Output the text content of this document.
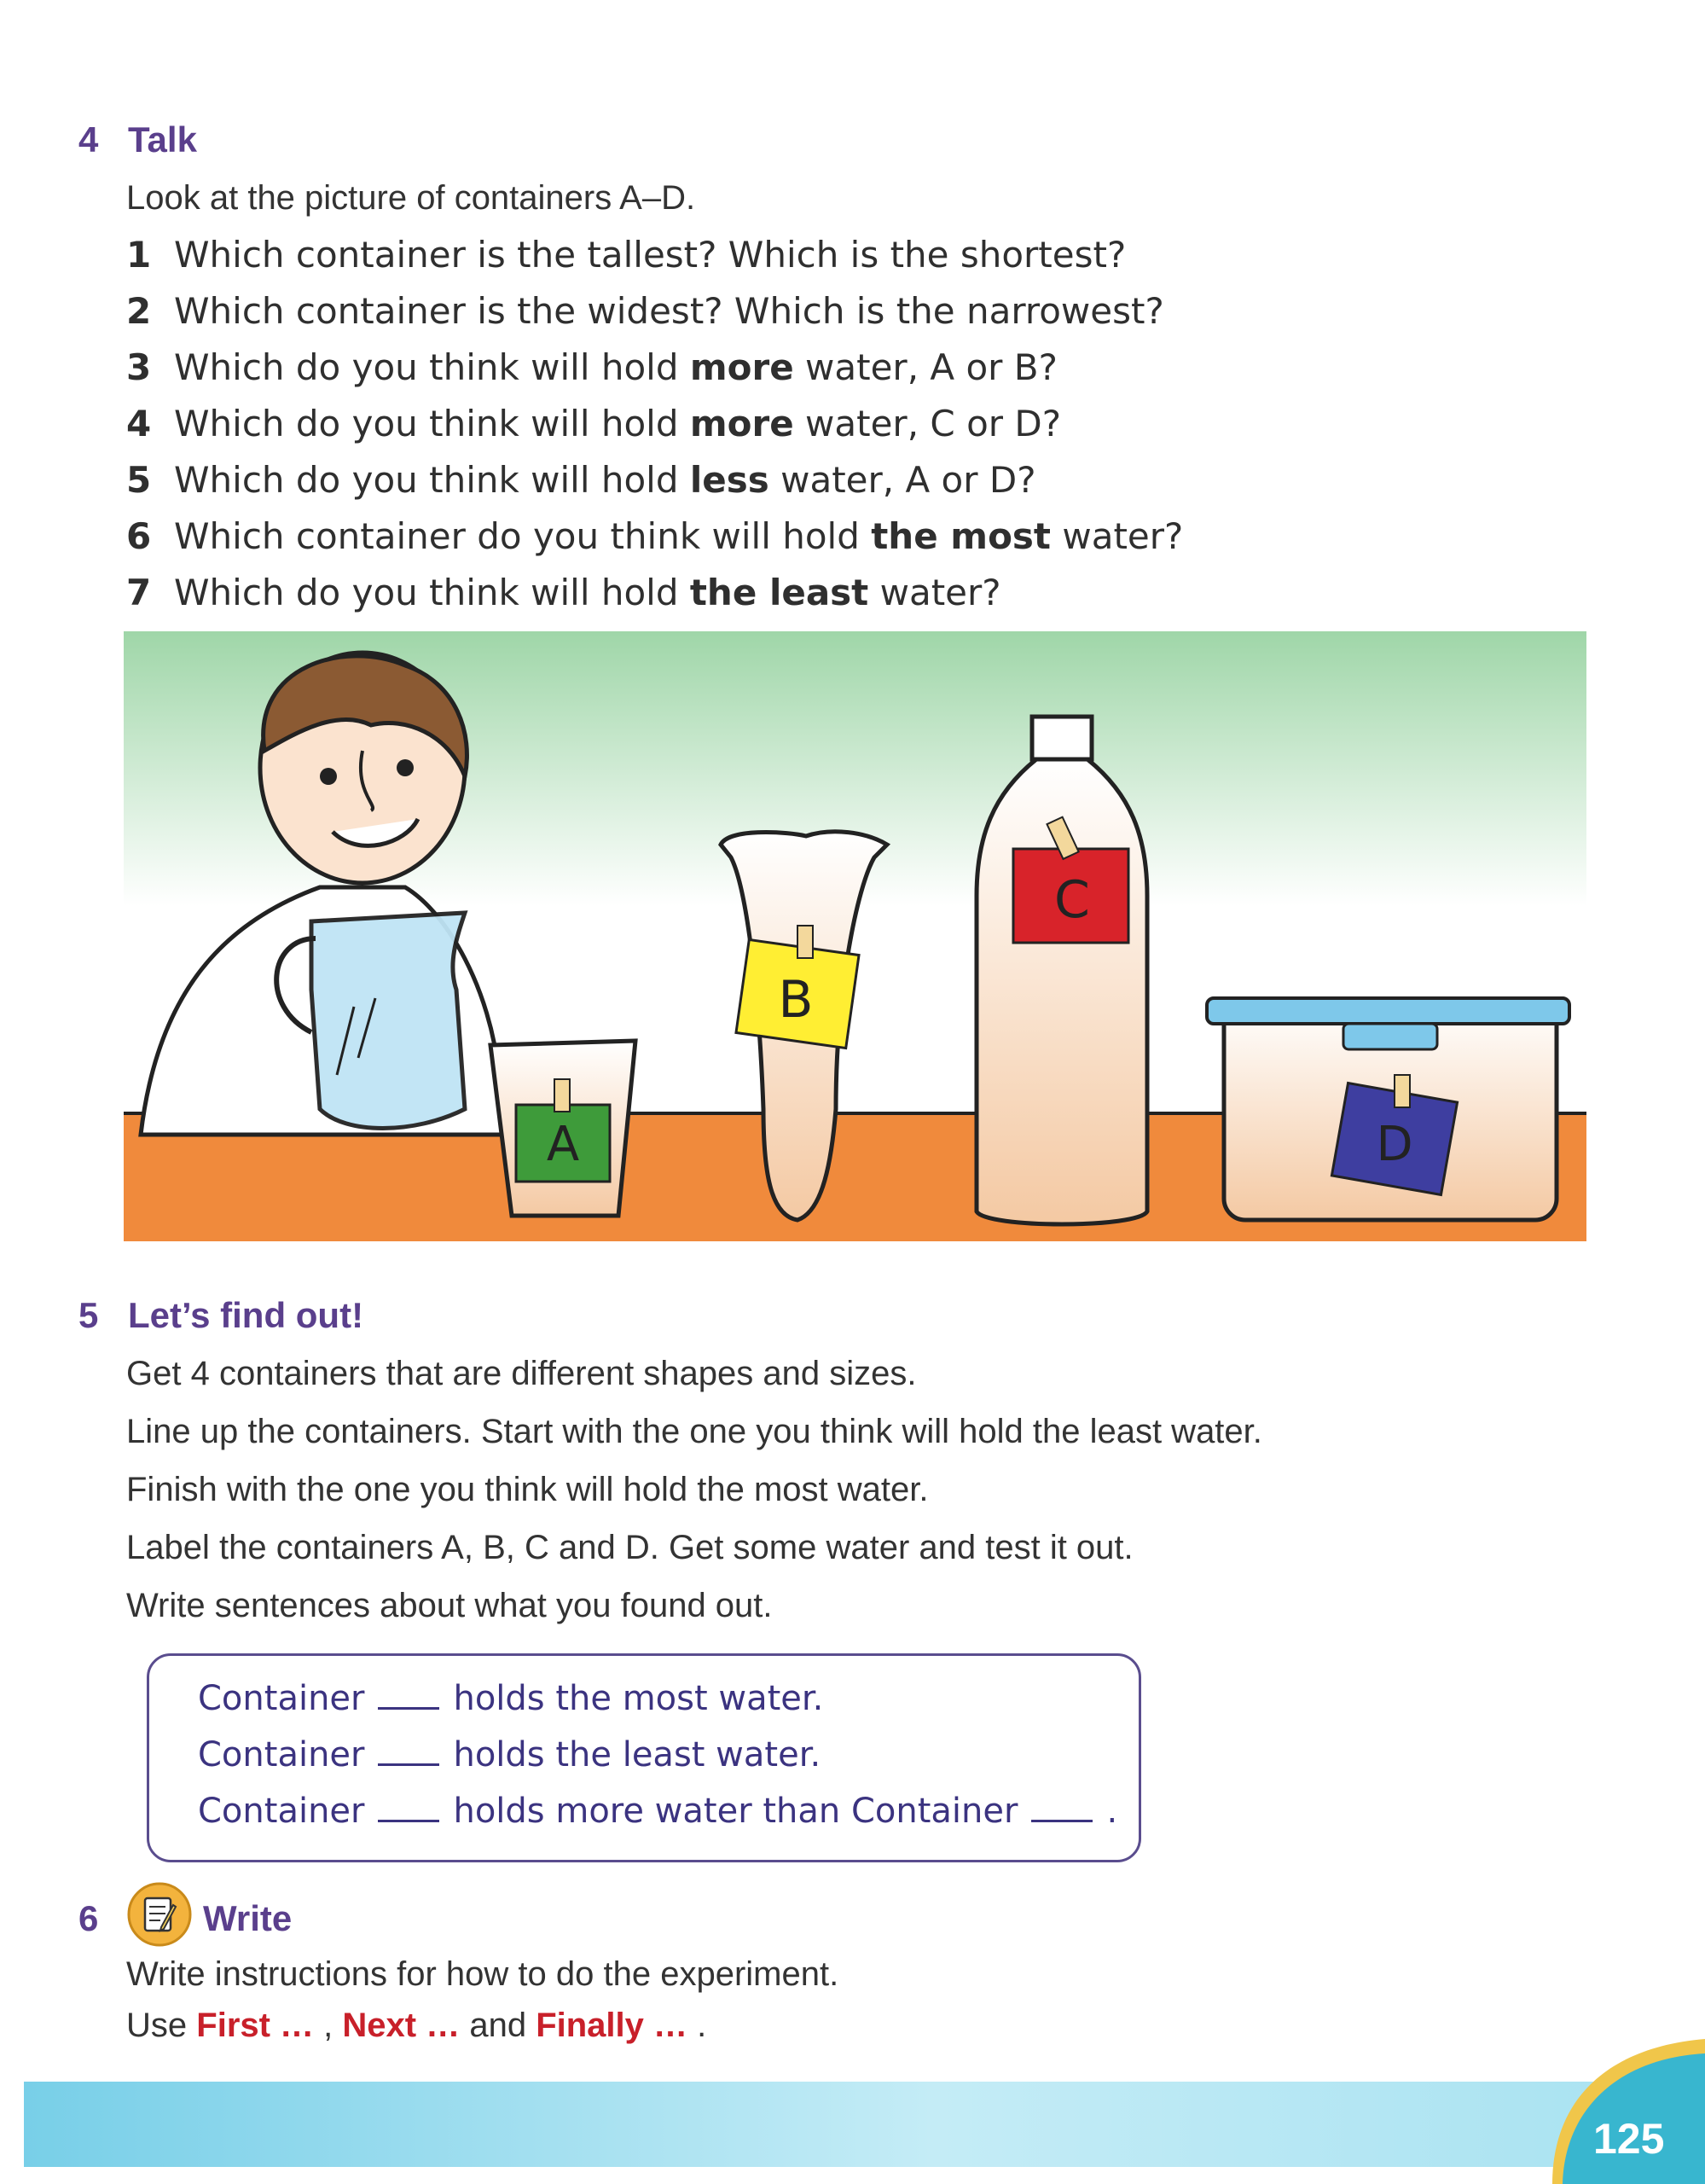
4 Talk
Look at the picture of containers A–D.
1 Which container is the tallest? Which is the shortest?
2 Which container is the widest? Which is the narrowest?
3 Which do you think will hold more water, A or B?
4 Which do you think will hold more water, C or D?
5 Which do you think will hold less water, A or D?
6 Which container do you think will hold the most water?
7 Which do you think will hold the least water?
A
B
C
D
5 Let’s find out!
Get 4 containers that are different shapes and sizes.
Line up the containers. Start with the one you think will hold the least water.
Finish with the one you think will hold the most water.
Label the containers A, B, C and D. Get some water and test it out.
Write sentences about what you found out.
Container	holds the most water.
Container	holds the least water.
Container	holds more water than Container	.
6	Write
Write instructions for how to do the experiment.
Use First … , Next … and Finally … .
125
